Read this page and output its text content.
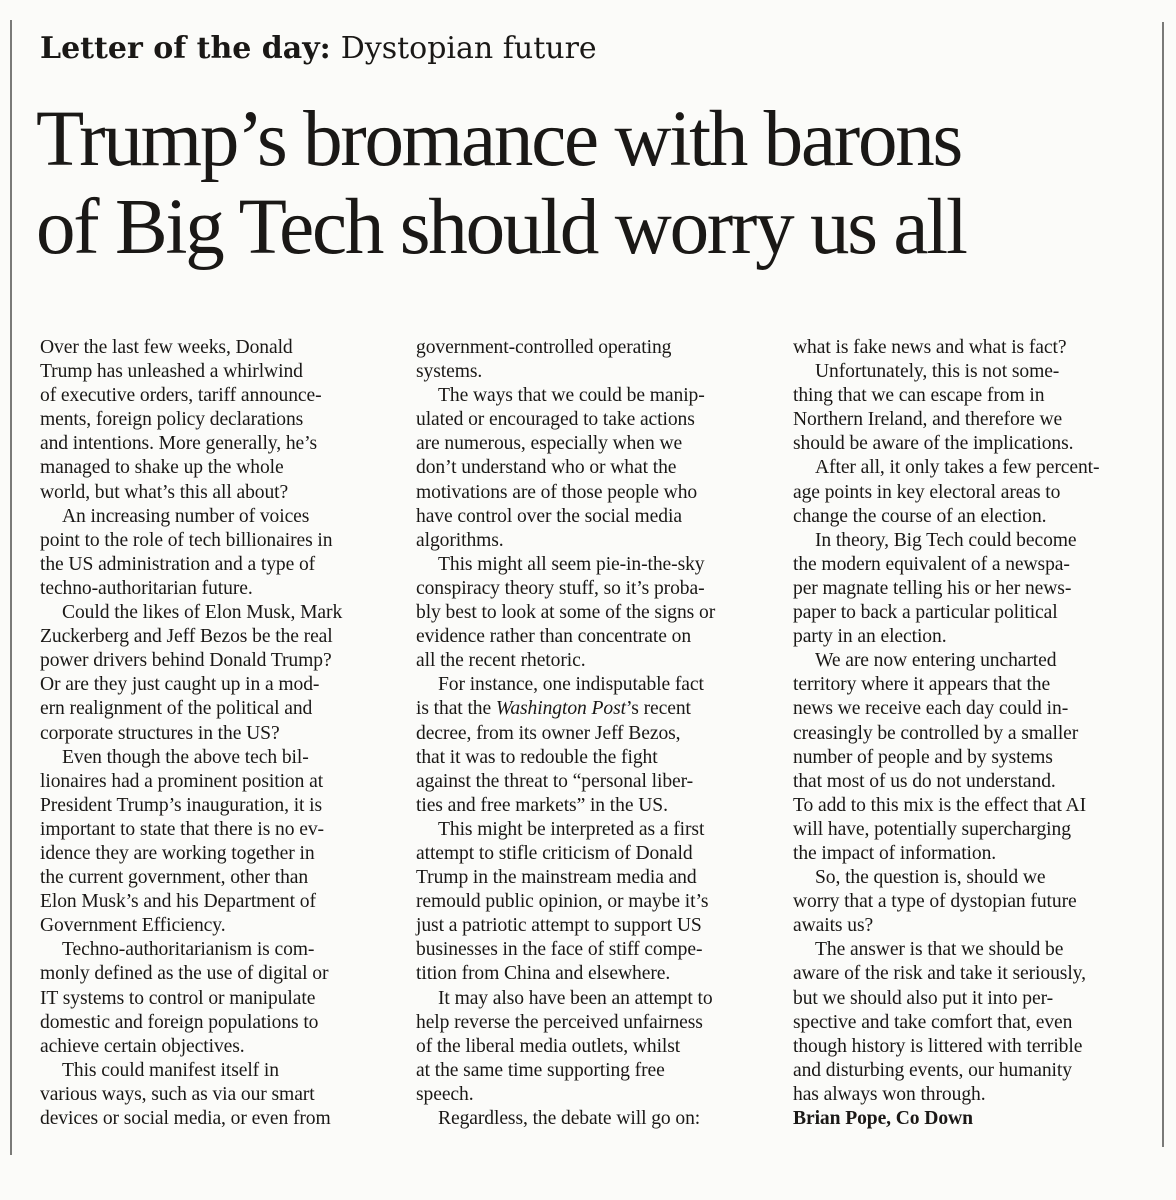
Letter of the day: Dystopian future
Trump’s bromance with barons
of Big Tech should worry us all

Over the last few weeks, Donald
Trump has unleashed a whirlwind
of executive orders, tariff announce-
ments, foreign policy declarations
and intentions. More generally, he’s
managed to shake up the whole
world, but what’s this all about?

An increasing number of voices
point to the role of tech billionaires in
the US administration and a type of
techno-authoritarian future.

Could the likes of Elon Musk, Mark
Zuckerberg and Jeff Bezos be the real
power drivers behind Donald Trump?
Or are they just caught up in a mod-
ern realignment of the political and
corporate structures in the US?

Even though the above tech bil-
lionaires had a prominent position at
President Trump’s inauguration, it is
important to state that there is no ev-
idence they are working together in
the current government, other than
Elon Musk’s and his Department of
Government Efficiency.

Techno-authoritarianism is com-
monly defined as the use of digital or
IT systems to control or manipulate
domestic and foreign populations to
achieve certain objectives.

This could manifest itself in
various ways, such as via our smart
devices or social media, or even from

government-controlled operating
systems.

The ways that we could be manip-
ulated or encouraged to take actions
are numerous, especially when we
don’t understand who or what the
motivations are of those people who
have control over the social media
algorithms.

This might all seem pie-in-the-sky
conspiracy theory stuff, so it’s proba-
bly best to look at some of the signs or
evidence rather than concentrate on
all the recent rhetoric.

For instance, one indisputable fact
is that the Washington Post’s recent
decree, from its owner Jeff Bezos,
that it was to redouble the fight
against the threat to “personal liber-
ties and free markets” in the US.

This might be interpreted as a first
attempt to stifle criticism of Donald
Trump in the mainstream media and
remould public opinion, or maybe it’s
just a patriotic attempt to support US
businesses in the face of stiff compe-
tition from China and elsewhere.

It may also have been an attempt to
help reverse the perceived unfairness
of the liberal media outlets, whilst
at the same time supporting free
speech.

Regardless, the debate will go on:

what is fake news and what is fact?

Unfortunately, this is not some-
thing that we can escape from in
Northern Ireland, and therefore we
should be aware of the implications.

After all, it only takes a few percent-
age points in key electoral areas to
change the course of an election.

In theory, Big Tech could become
the modern equivalent of a newspa-
per magnate telling his or her news-
paper to back a particular political
party in an election.

We are now entering uncharted
territory where it appears that the
news we receive each day could in-
creasingly be controlled by a smaller
number of people and by systems
that most of us do not understand.
To add to this mix is the effect that AI
will have, potentially supercharging
the impact of information.

So, the question is, should we
worry that a type of dystopian future
awaits us?

The answer is that we should be
aware of the risk and take it seriously,
but we should also put it into per-
spective and take comfort that, even
though history is littered with terrible
and disturbing events, our humanity
has always won through.

Brian Pope, Co Down
